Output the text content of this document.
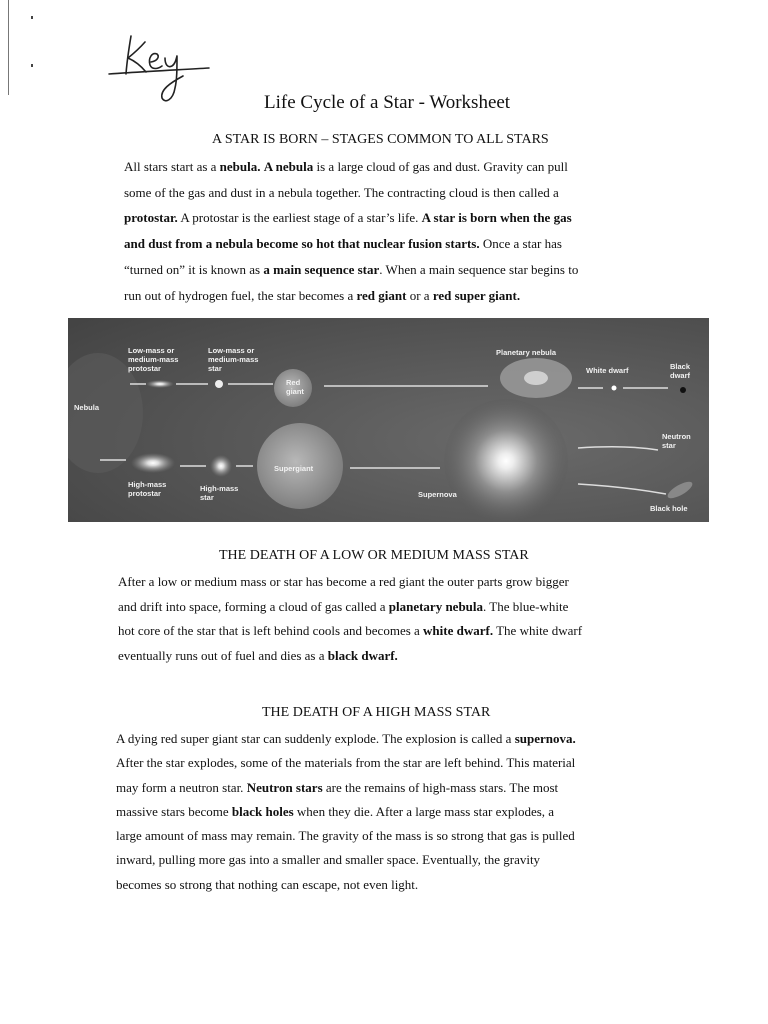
Life Cycle of a Star - Worksheet
A STAR IS BORN – STAGES COMMON TO ALL STARS
All stars start as a nebula. A nebula is a large cloud of gas and dust. Gravity can pull
some of the gas and dust in a nebula together. The contracting cloud is then called a
protostar. A protostar is the earliest stage of a star’s life. A star is born when the gas
and dust from a nebula become so hot that nuclear fusion starts. Once a star has
“turned on” it is known as a main sequence star. When a main sequence star begins to
run out of hydrogen fuel, the star becomes a red giant or a red super giant.
Nebula
Low-mass or
medium-mass
protostar
Low-mass or
medium-mass
star
Red
giant
Planetary nebula
White dwarf	Black
dwarf
Neutron
star
High-mass
protostar
High-mass
star
Supergiant
Supernova
Black hole
THE DEATH OF A LOW OR MEDIUM MASS STAR
After a low or medium mass or star has become a red giant the outer parts grow bigger
and drift into space, forming a cloud of gas called a planetary nebula. The blue-white
hot core of the star that is left behind cools and becomes a white dwarf. The white dwarf
eventually runs out of fuel and dies as a black dwarf.
THE DEATH OF A HIGH MASS STAR
A dying red super giant star can suddenly explode. The explosion is called a supernova.
After the star explodes, some of the materials from the star are left behind. This material
may form a neutron star. Neutron stars are the remains of high-mass stars. The most
massive stars become black holes when they die. After a large mass star explodes, a
large amount of mass may remain. The gravity of the mass is so strong that gas is pulled
inward, pulling more gas into a smaller and smaller space. Eventually, the gravity
becomes so strong that nothing can escape, not even light.
